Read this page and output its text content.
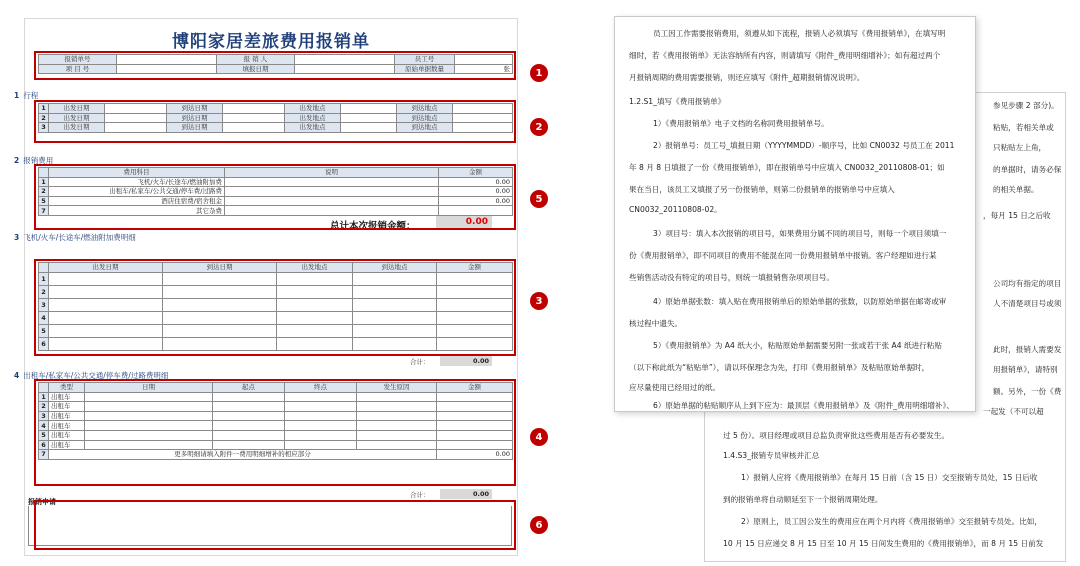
博阳家居差旅费用报销单
报销单号		报 销 人		员工号	
项 目 号		填报日期		原始单据数量	张
1 行程
1	出发日期		到达日期		出发地点		到达地点	
2	出发日期		到达日期		出发地点		到达地点	
3	出发日期		到达日期		出发地点		到达地点	
2 报销费用
	费用科目	说明	金额
1	飞机/火车/长途车/燃油附加费		0.00
2	出租车/私家车/公共交通/停车费/过路费		0.00
5	酒店住宿费/宿舍租金		0.00
7	其它杂费		
总计本次报销金额：	0.00
3 飞机/火车/长途车/燃油附加费明细
	出发日期	到达日期	出发地点	到达地点	金额
1					
2					
3					
4					
5					
6					
合计：	0.00
4 出租车/私家车/公共交通/停车费/过路费明细
	类型	日期	起点	终点	发生原因	金额
1	出租车					
2	出租车					
3	出租车					
4	出租车					
5	出租车					
6	出租车					
7	更多明细请填入附件一费用明细增补的相应部分					0.00
合计：	0.00
报销申请
1
2
5
3
4
6
参见步骤 2 部分)。
粘贴，若相关单或
只粘贴左上角，
的单据时，请务必保
的相关单据。
，每月 15 日之后收
公司均有指定的项目
人不清楚项目号或须
此时，报销人需要发
用报销单》，请特别
额。另外，一份《费
一起发（不可以超
过 5 份）。项目经理或项目总监负责审批这些费用是否有必要发生。
1.4.S3_报销专员审核并汇总
1）报销人应将《费用报销单》在每月 15 日前（含 15 日）交至报销专员处，15 日后收
到的报销单将自动顺延至下一个报销周期处理。
2）原则上，员工因公发生的费用应在两个月内将《费用报销单》交至报销专员处。比如，
10 月 15 日应递交 8 月 15 日至 10 月 15 日间发生费用的《费用报销单》，而 8 月 15 日前发
员工因工作需要报销费用，须遵从如下流程，报销人必须填写《费用报销单》，在填写明
细时，若《费用报销单》无法容纳所有内容，则请填写《附件_费用明细增补》；如有超过两个
月报销周期的费用需要报销，则还应填写《附件_超期报销情况说明》。
1.2.S1_填写《费用报销单》
1）《费用报销单》电子文档的名称同费用报销单号。
2）报销单号：员工号_填报日期（YYYYMMDD）-顺序号，比如 CN0032 号员工在 2011
年 8 月 8 日填报了一份《费用报销单》，即在报销单号中应填入 CN0032_20110808-01；如
果在当日，该员工又填报了另一份报销单，则第二份报销单的报销单号中应填入
CN0032_20110808-02。
3）项目号：填入本次报销的项目号，如果费用分属不同的项目号，则每一个项目须填一
份《费用报销单》，即不同项目的费用不能混在同一份费用报销单中报销。客户经理如进行某
些销售活动没有特定的项目号，则统一填报销售杂项项目号。
4）原始单据张数：填入贴在费用报销单后的原始单据的张数，以防原始单据在邮寄或审
核过程中遗失。
5）《费用报销单》为 A4 纸大小，粘贴原始单据需要另附一张或若干张 A4 纸进行粘贴
（以下称此纸为“粘贴单”），请以环保理念为先，打印《费用报销单》及粘贴原始单据时，
应尽量使用已经用过的纸。
6）原始单据的粘贴顺序从上到下应为：最顶层《费用报销单》及《附件_费用明细增补》、
